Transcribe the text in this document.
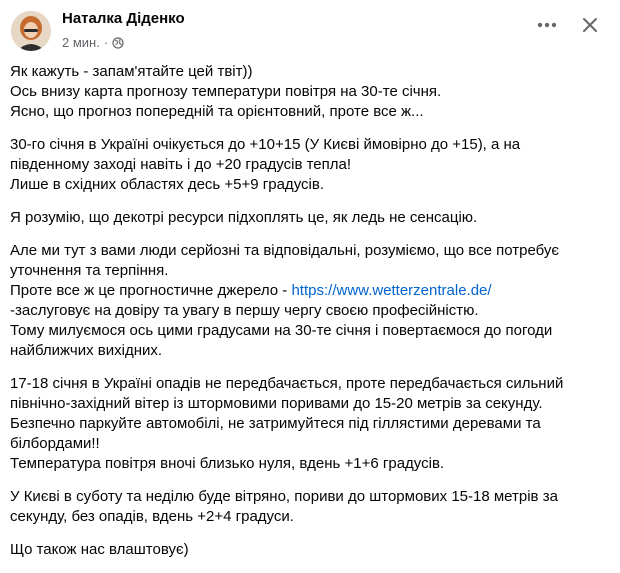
Наталка Діденко
2 мин. ·
Як кажуть - запам'ятайте цей твіт))
Ось внизу карта прогнозу температури повітря на 30-те січня.
Ясно, що прогноз попередній та орієнтовний, проте все ж...
30-го січня в Україні очікується до +10+15 (У Києві ймовірно до +15), а на
південному заході навіть і до +20 градусів тепла!
Лише в східних областях десь +5+9 градусів.
Я розумію, що декотрі ресурси підхоплять це, як ледь не сенсацію.
Але ми тут з вами люди серйозні та відповідальні, розуміємо, що все потребує
уточнення та терпіння.
Проте все ж це прогностичне джерело - https://www.wetterzentrale.de/
-заслуговує на довіру та увагу в першу чергу своєю професійністю.
Тому милуємося ось цими градусами на 30-те січня і повертаємося до погоди
найближчих вихідних.
17-18 січня в Україні опадів не передбачається, проте передбачається сильний
північно-західний вітер із штормовими поривами до 15-20 метрів за секунду.
Безпечно паркуйте автомобілі, не затримуйтеся під гіллястими деревами та
білбордами!!
Температура повітря вночі близько нуля, вдень +1+6 градусів.
У Києві в суботу та неділю буде вітряно, пориви до штормових 15-18 метрів за
секунду, без опадів, вдень +2+4 градуси.
Що також нас влаштовує)
